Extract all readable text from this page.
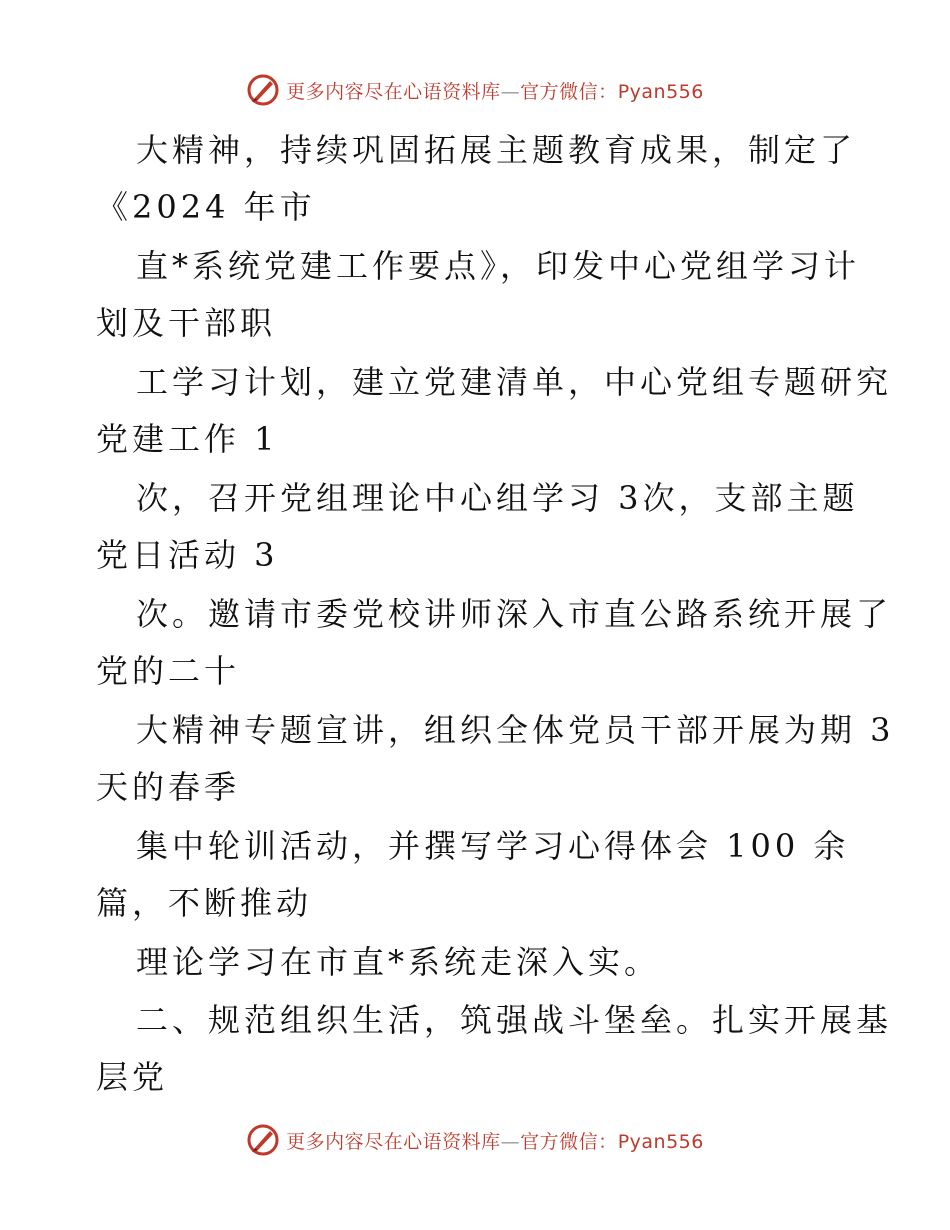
更多内容尽在心语资料库—官方微信：Pyan556
大精神，持续巩固拓展主题教育成果，制定了
《2024 年市
直*系统党建工作要点》，印发中心党组学习计
划及干部职
工学习计划，建立党建清单，中心党组专题研究
党建工作 1
次，召开党组理论中心组学习 3次，支部主题
党日活动 3
次。邀请市委党校讲师深入市直公路系统开展了
党的二十
大精神专题宣讲，组织全体党员干部开展为期 3
天的春季
集中轮训活动，并撰写学习心得体会 100 余
篇，不断推动
理论学习在市直*系统走深入实。
二、规范组织生活，筑强战斗堡垒。扎实开展基
层党
更多内容尽在心语资料库—官方微信：Pyan556
